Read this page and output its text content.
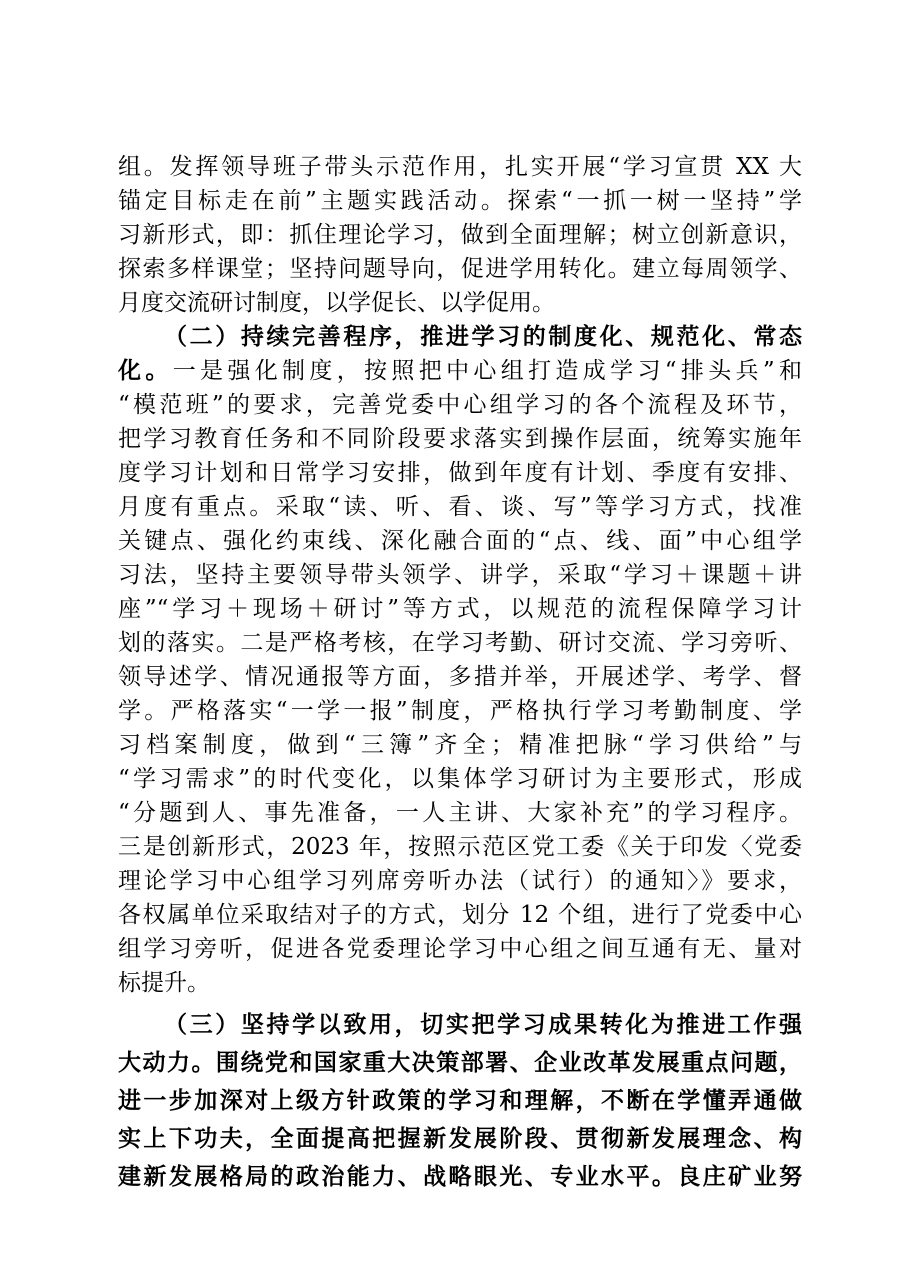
组。发挥领导班子带头示范作用，扎实开展“学习宣贯 XX 大
锚定目标走在前”主题实践活动。探索“一抓一树一坚持”学
习新形式，即：抓住理论学习，做到全面理解；树立创新意识，
探索多样课堂；坚持问题导向，促进学用转化。建立每周领学、
月度交流研讨制度，以学促长、以学促用。
（二）持续完善程序，推进学习的制度化、规范化、常态
化。一是强化制度，按照把中心组打造成学习“排头兵”和
“模范班”的要求，完善党委中心组学习的各个流程及环节，
把学习教育任务和不同阶段要求落实到操作层面，统筹实施年
度学习计划和日常学习安排，做到年度有计划、季度有安排、
月度有重点。采取“读、听、看、谈、写”等学习方式，找准
关键点、强化约束线、深化融合面的“点、线、面”中心组学
习法，坚持主要领导带头领学、讲学，采取“学习＋课题＋讲
座”“学习＋现场＋研讨”等方式，以规范的流程保障学习计
划的落实。二是严格考核，在学习考勤、研讨交流、学习旁听、
领导述学、情况通报等方面，多措并举，开展述学、考学、督
学。严格落实“一学一报”制度，严格执行学习考勤制度、学
习档案制度，做到“三簿”齐全；精准把脉“学习供给”与
“学习需求”的时代变化，以集体学习研讨为主要形式，形成
“分题到人、事先准备，一人主讲、大家补充”的学习程序。
三是创新形式，2023 年，按照示范区党工委《关于印发〈党委
理论学习中心组学习列席旁听办法（试行）的通知〉》要求，
各权属单位采取结对子的方式，划分 12 个组，进行了党委中心
组学习旁听，促进各党委理论学习中心组之间互通有无、量对
标提升。
（三）坚持学以致用，切实把学习成果转化为推进工作强
大动力。围绕党和国家重大决策部署、企业改革发展重点问题，
进一步加深对上级方针政策的学习和理解，不断在学懂弄通做
实上下功夫，全面提高把握新发展阶段、贯彻新发展理念、构
建新发展格局的政治能力、战略眼光、专业水平。良庄矿业努
